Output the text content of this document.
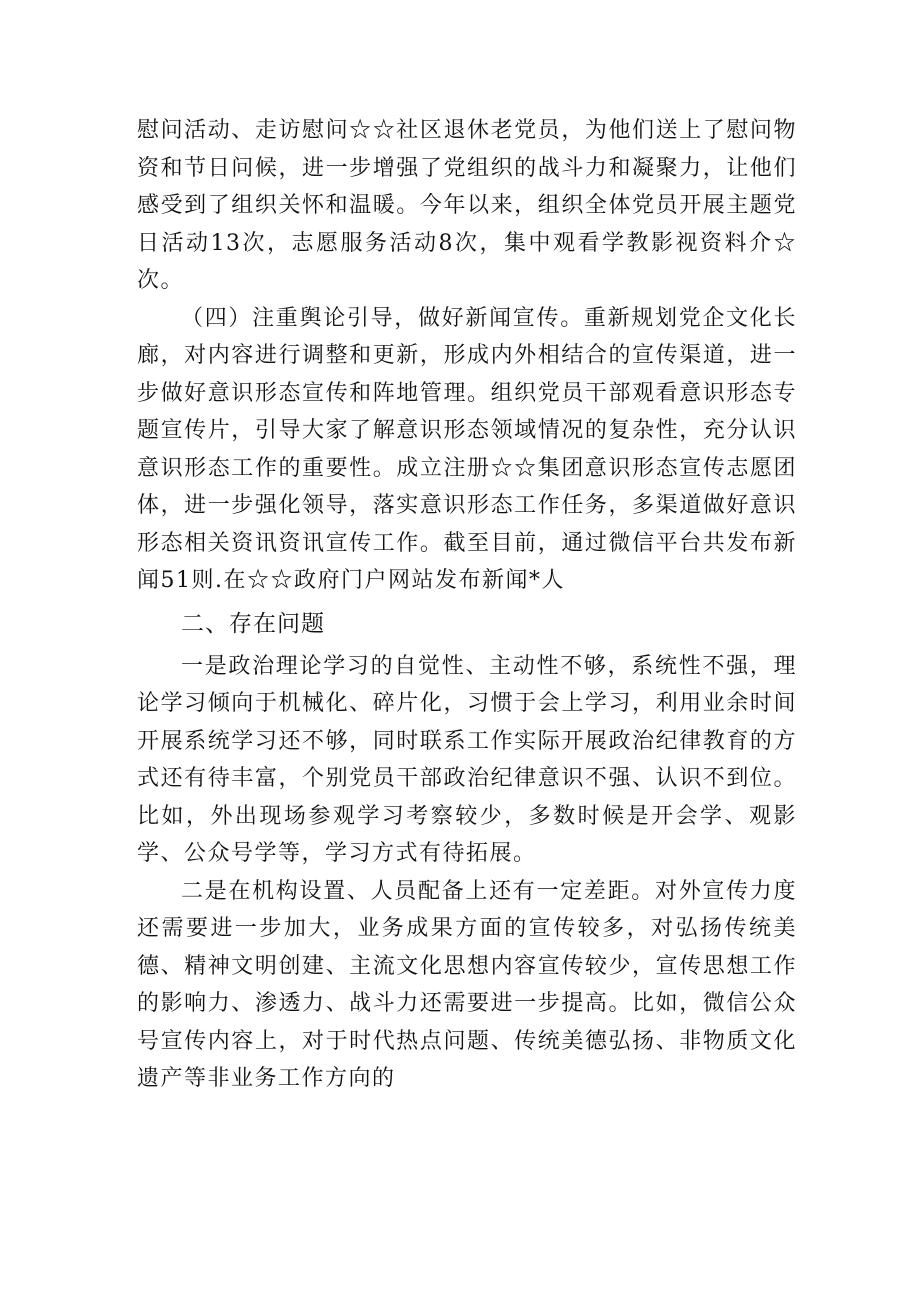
慰问活动、走访慰问☆☆社区退休老党员，为他们送上了慰问物资和节日问候，进一步增强了党组织的战斗力和凝聚力，让他们感受到了组织关怀和温暖。今年以来，组织全体党员开展主题党日活动13次，志愿服务活动8次，集中观看学教影视资料介☆次。

（四）注重舆论引导，做好新闻宣传。重新规划党企文化长廊，对内容进行调整和更新，形成内外相结合的宣传渠道，进一步做好意识形态宣传和阵地管理。组织党员干部观看意识形态专题宣传片，引导大家了解意识形态领域情况的复杂性，充分认识意识形态工作的重要性。成立注册☆☆集团意识形态宣传志愿团体，进一步强化领导，落实意识形态工作任务，多渠道做好意识形态相关资讯资讯宣传工作。截至目前，通过微信平台共发布新闻51则.在☆☆政府门户网站发布新闻*人

二、存在问题

一是政治理论学习的自觉性、主动性不够，系统性不强，理论学习倾向于机械化、碎片化，习惯于会上学习，利用业余时间开展系统学习还不够，同时联系工作实际开展政治纪律教育的方式还有待丰富，个别党员干部政治纪律意识不强、认识不到位。比如，外出现场参观学习考察较少，多数时候是开会学、观影学、公众号学等，学习方式有待拓展。

二是在机构设置、人员配备上还有一定差距。对外宣传力度还需要进一步加大，业务成果方面的宣传较多，对弘扬传统美德、精神文明创建、主流文化思想内容宣传较少，宣传思想工作的影响力、渗透力、战斗力还需要进一步提高。比如，微信公众号宣传内容上，对于时代热点问题、传统美德弘扬、非物质文化遗产等非业务工作方向的
